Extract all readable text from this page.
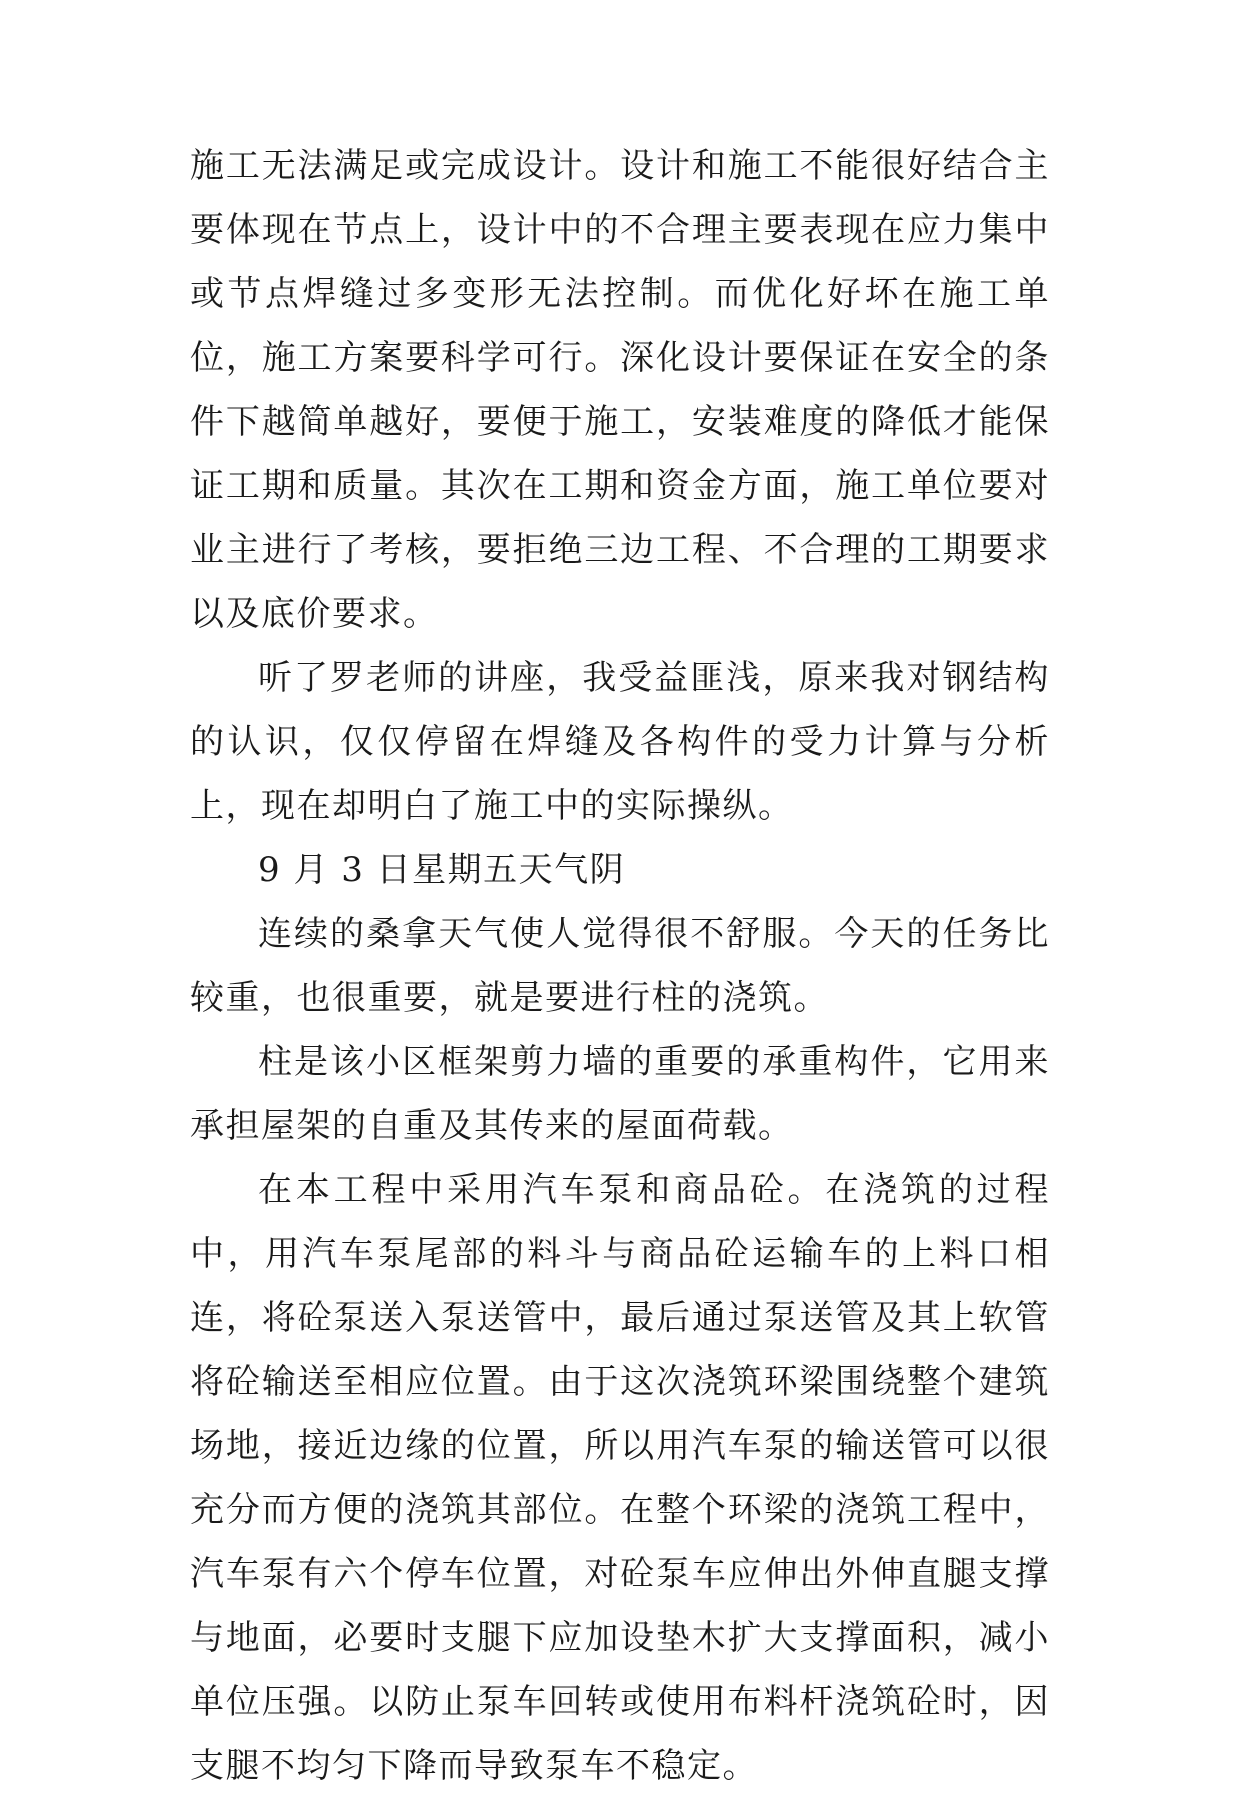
施工无法满足或完成设计。设计和施工不能很好结合主要体现在节点上，设计中的不合理主要表现在应力集中或节点焊缝过多变形无法控制。而优化好坏在施工单位，施工方案要科学可行。深化设计要保证在安全的条件下越简单越好，要便于施工，安装难度的降低才能保证工期和质量。其次在工期和资金方面，施工单位要对业主进行了考核，要拒绝三边工程、不合理的工期要求以及底价要求。

听了罗老师的讲座，我受益匪浅，原来我对钢结构的认识，仅仅停留在焊缝及各构件的受力计算与分析上，现在却明白了施工中的实际操纵。

9 月 3 日星期五天气阴

连续的桑拿天气使人觉得很不舒服。今天的任务比较重，也很重要，就是要进行柱的浇筑。

柱是该小区框架剪力墙的重要的承重构件，它用来承担屋架的自重及其传来的屋面荷载。

在本工程中采用汽车泵和商品砼。在浇筑的过程中，用汽车泵尾部的料斗与商品砼运输车的上料口相连，将砼泵送入泵送管中，最后通过泵送管及其上软管将砼输送至相应位置。由于这次浇筑环梁围绕整个建筑场地，接近边缘的位置，所以用汽车泵的输送管可以很充分而方便的浇筑其部位。在整个环梁的浇筑工程中，汽车泵有六个停车位置，对砼泵车应伸出外伸直腿支撑与地面，必要时支腿下应加设垫木扩大支撑面积，减小单位压强。以防止泵车回转或使用布料杆浇筑砼时，因支腿不均匀下降而导致泵车不稳定。
